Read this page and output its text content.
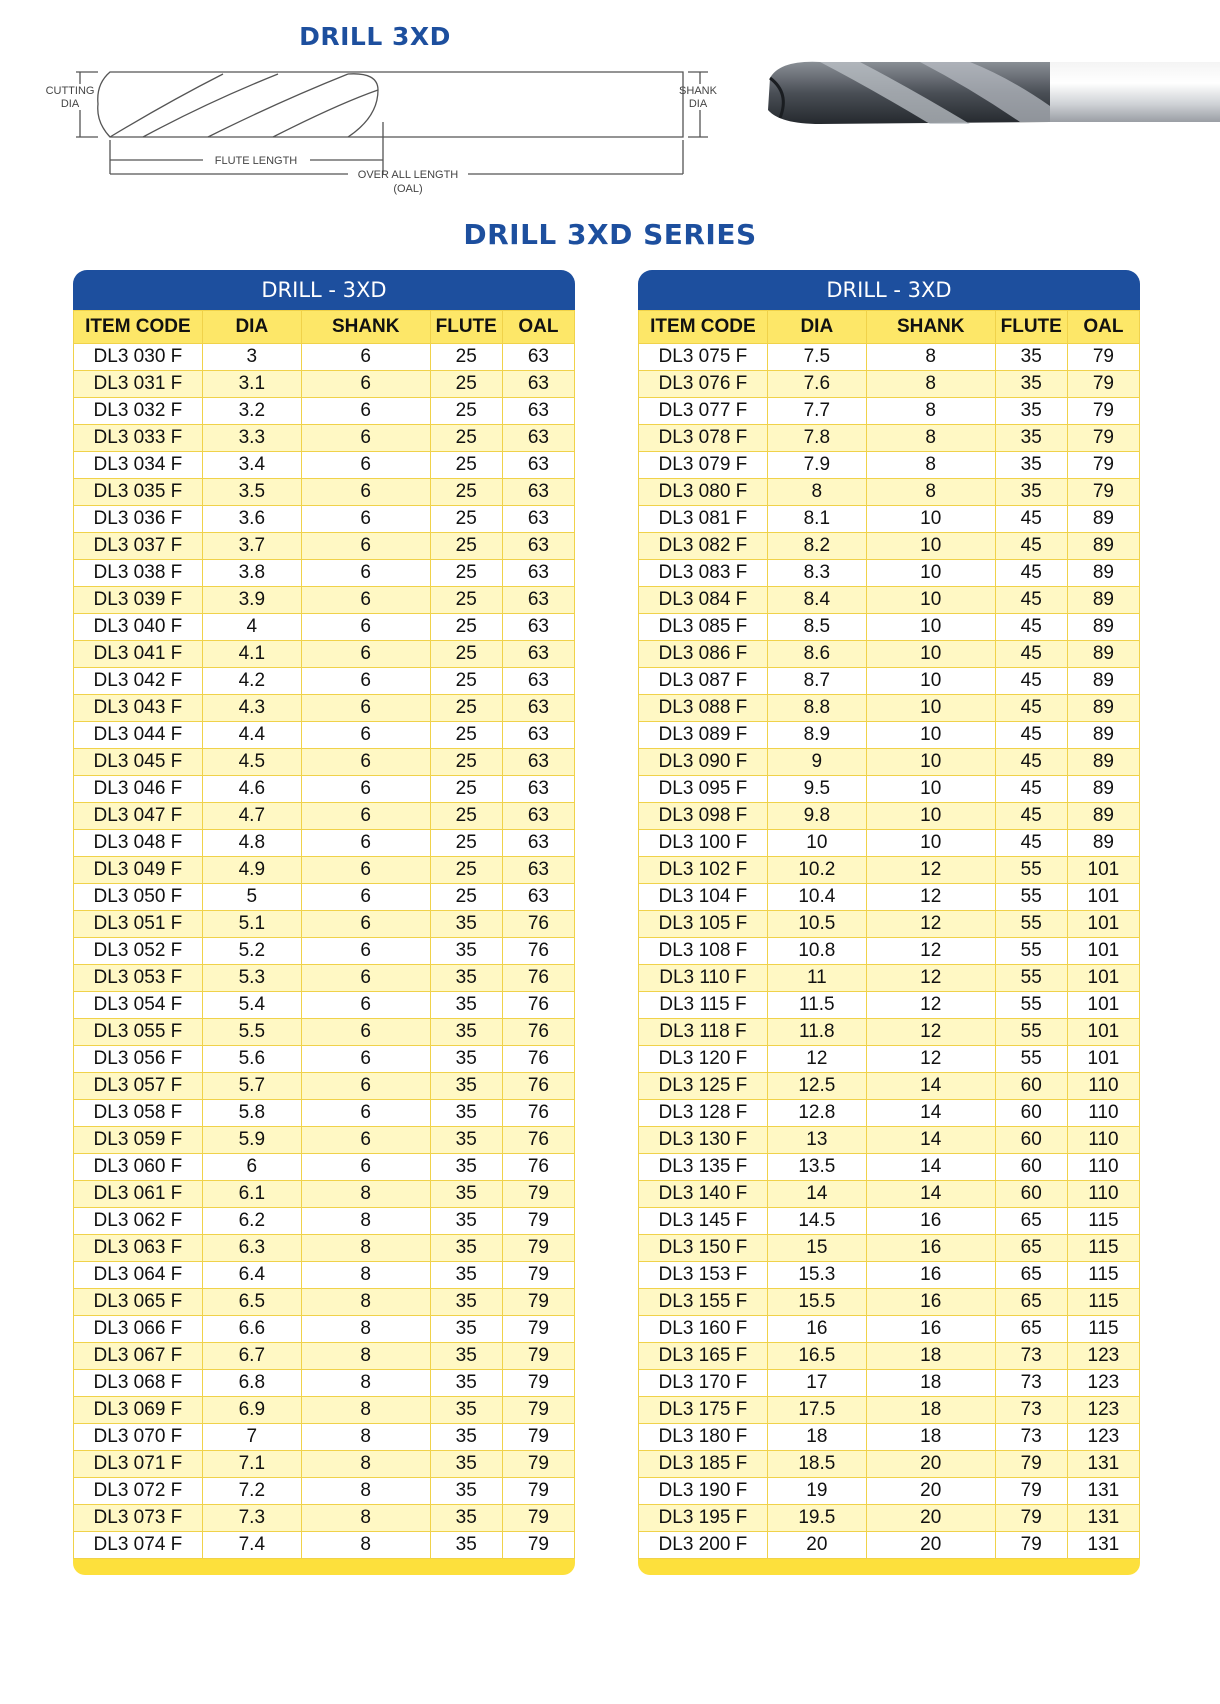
DRILL 3XD
CUTTING
DIA
SHANK
DIA
FLUTE LENGTH
OVER ALL LENGTH
(OAL)
DRILL 3XD SERIES
DRILL - 3XD
ITEM CODE	DIA	SHANK	FLUTE	OAL
DL3 030 F	3	6	25	63
DL3 031 F	3.1	6	25	63
DL3 032 F	3.2	6	25	63
DL3 033 F	3.3	6	25	63
DL3 034 F	3.4	6	25	63
DL3 035 F	3.5	6	25	63
DL3 036 F	3.6	6	25	63
DL3 037 F	3.7	6	25	63
DL3 038 F	3.8	6	25	63
DL3 039 F	3.9	6	25	63
DL3 040 F	4	6	25	63
DL3 041 F	4.1	6	25	63
DL3 042 F	4.2	6	25	63
DL3 043 F	4.3	6	25	63
DL3 044 F	4.4	6	25	63
DL3 045 F	4.5	6	25	63
DL3 046 F	4.6	6	25	63
DL3 047 F	4.7	6	25	63
DL3 048 F	4.8	6	25	63
DL3 049 F	4.9	6	25	63
DL3 050 F	5	6	25	63
DL3 051 F	5.1	6	35	76
DL3 052 F	5.2	6	35	76
DL3 053 F	5.3	6	35	76
DL3 054 F	5.4	6	35	76
DL3 055 F	5.5	6	35	76
DL3 056 F	5.6	6	35	76
DL3 057 F	5.7	6	35	76
DL3 058 F	5.8	6	35	76
DL3 059 F	5.9	6	35	76
DL3 060 F	6	6	35	76
DL3 061 F	6.1	8	35	79
DL3 062 F	6.2	8	35	79
DL3 063 F	6.3	8	35	79
DL3 064 F	6.4	8	35	79
DL3 065 F	6.5	8	35	79
DL3 066 F	6.6	8	35	79
DL3 067 F	6.7	8	35	79
DL3 068 F	6.8	8	35	79
DL3 069 F	6.9	8	35	79
DL3 070 F	7	8	35	79
DL3 071 F	7.1	8	35	79
DL3 072 F	7.2	8	35	79
DL3 073 F	7.3	8	35	79
DL3 074 F	7.4	8	35	79
DRILL - 3XD
ITEM CODE	DIA	SHANK	FLUTE	OAL
DL3 075 F	7.5	8	35	79
DL3 076 F	7.6	8	35	79
DL3 077 F	7.7	8	35	79
DL3 078 F	7.8	8	35	79
DL3 079 F	7.9	8	35	79
DL3 080 F	8	8	35	79
DL3 081 F	8.1	10	45	89
DL3 082 F	8.2	10	45	89
DL3 083 F	8.3	10	45	89
DL3 084 F	8.4	10	45	89
DL3 085 F	8.5	10	45	89
DL3 086 F	8.6	10	45	89
DL3 087 F	8.7	10	45	89
DL3 088 F	8.8	10	45	89
DL3 089 F	8.9	10	45	89
DL3 090 F	9	10	45	89
DL3 095 F	9.5	10	45	89
DL3 098 F	9.8	10	45	89
DL3 100 F	10	10	45	89
DL3 102 F	10.2	12	55	101
DL3 104 F	10.4	12	55	101
DL3 105 F	10.5	12	55	101
DL3 108 F	10.8	12	55	101
DL3 110 F	11	12	55	101
DL3 115 F	11.5	12	55	101
DL3 118 F	11.8	12	55	101
DL3 120 F	12	12	55	101
DL3 125 F	12.5	14	60	110
DL3 128 F	12.8	14	60	110
DL3 130 F	13	14	60	110
DL3 135 F	13.5	14	60	110
DL3 140 F	14	14	60	110
DL3 145 F	14.5	16	65	115
DL3 150 F	15	16	65	115
DL3 153 F	15.3	16	65	115
DL3 155 F	15.5	16	65	115
DL3 160 F	16	16	65	115
DL3 165 F	16.5	18	73	123
DL3 170 F	17	18	73	123
DL3 175 F	17.5	18	73	123
DL3 180 F	18	18	73	123
DL3 185 F	18.5	20	79	131
DL3 190 F	19	20	79	131
DL3 195 F	19.5	20	79	131
DL3 200 F	20	20	79	131
